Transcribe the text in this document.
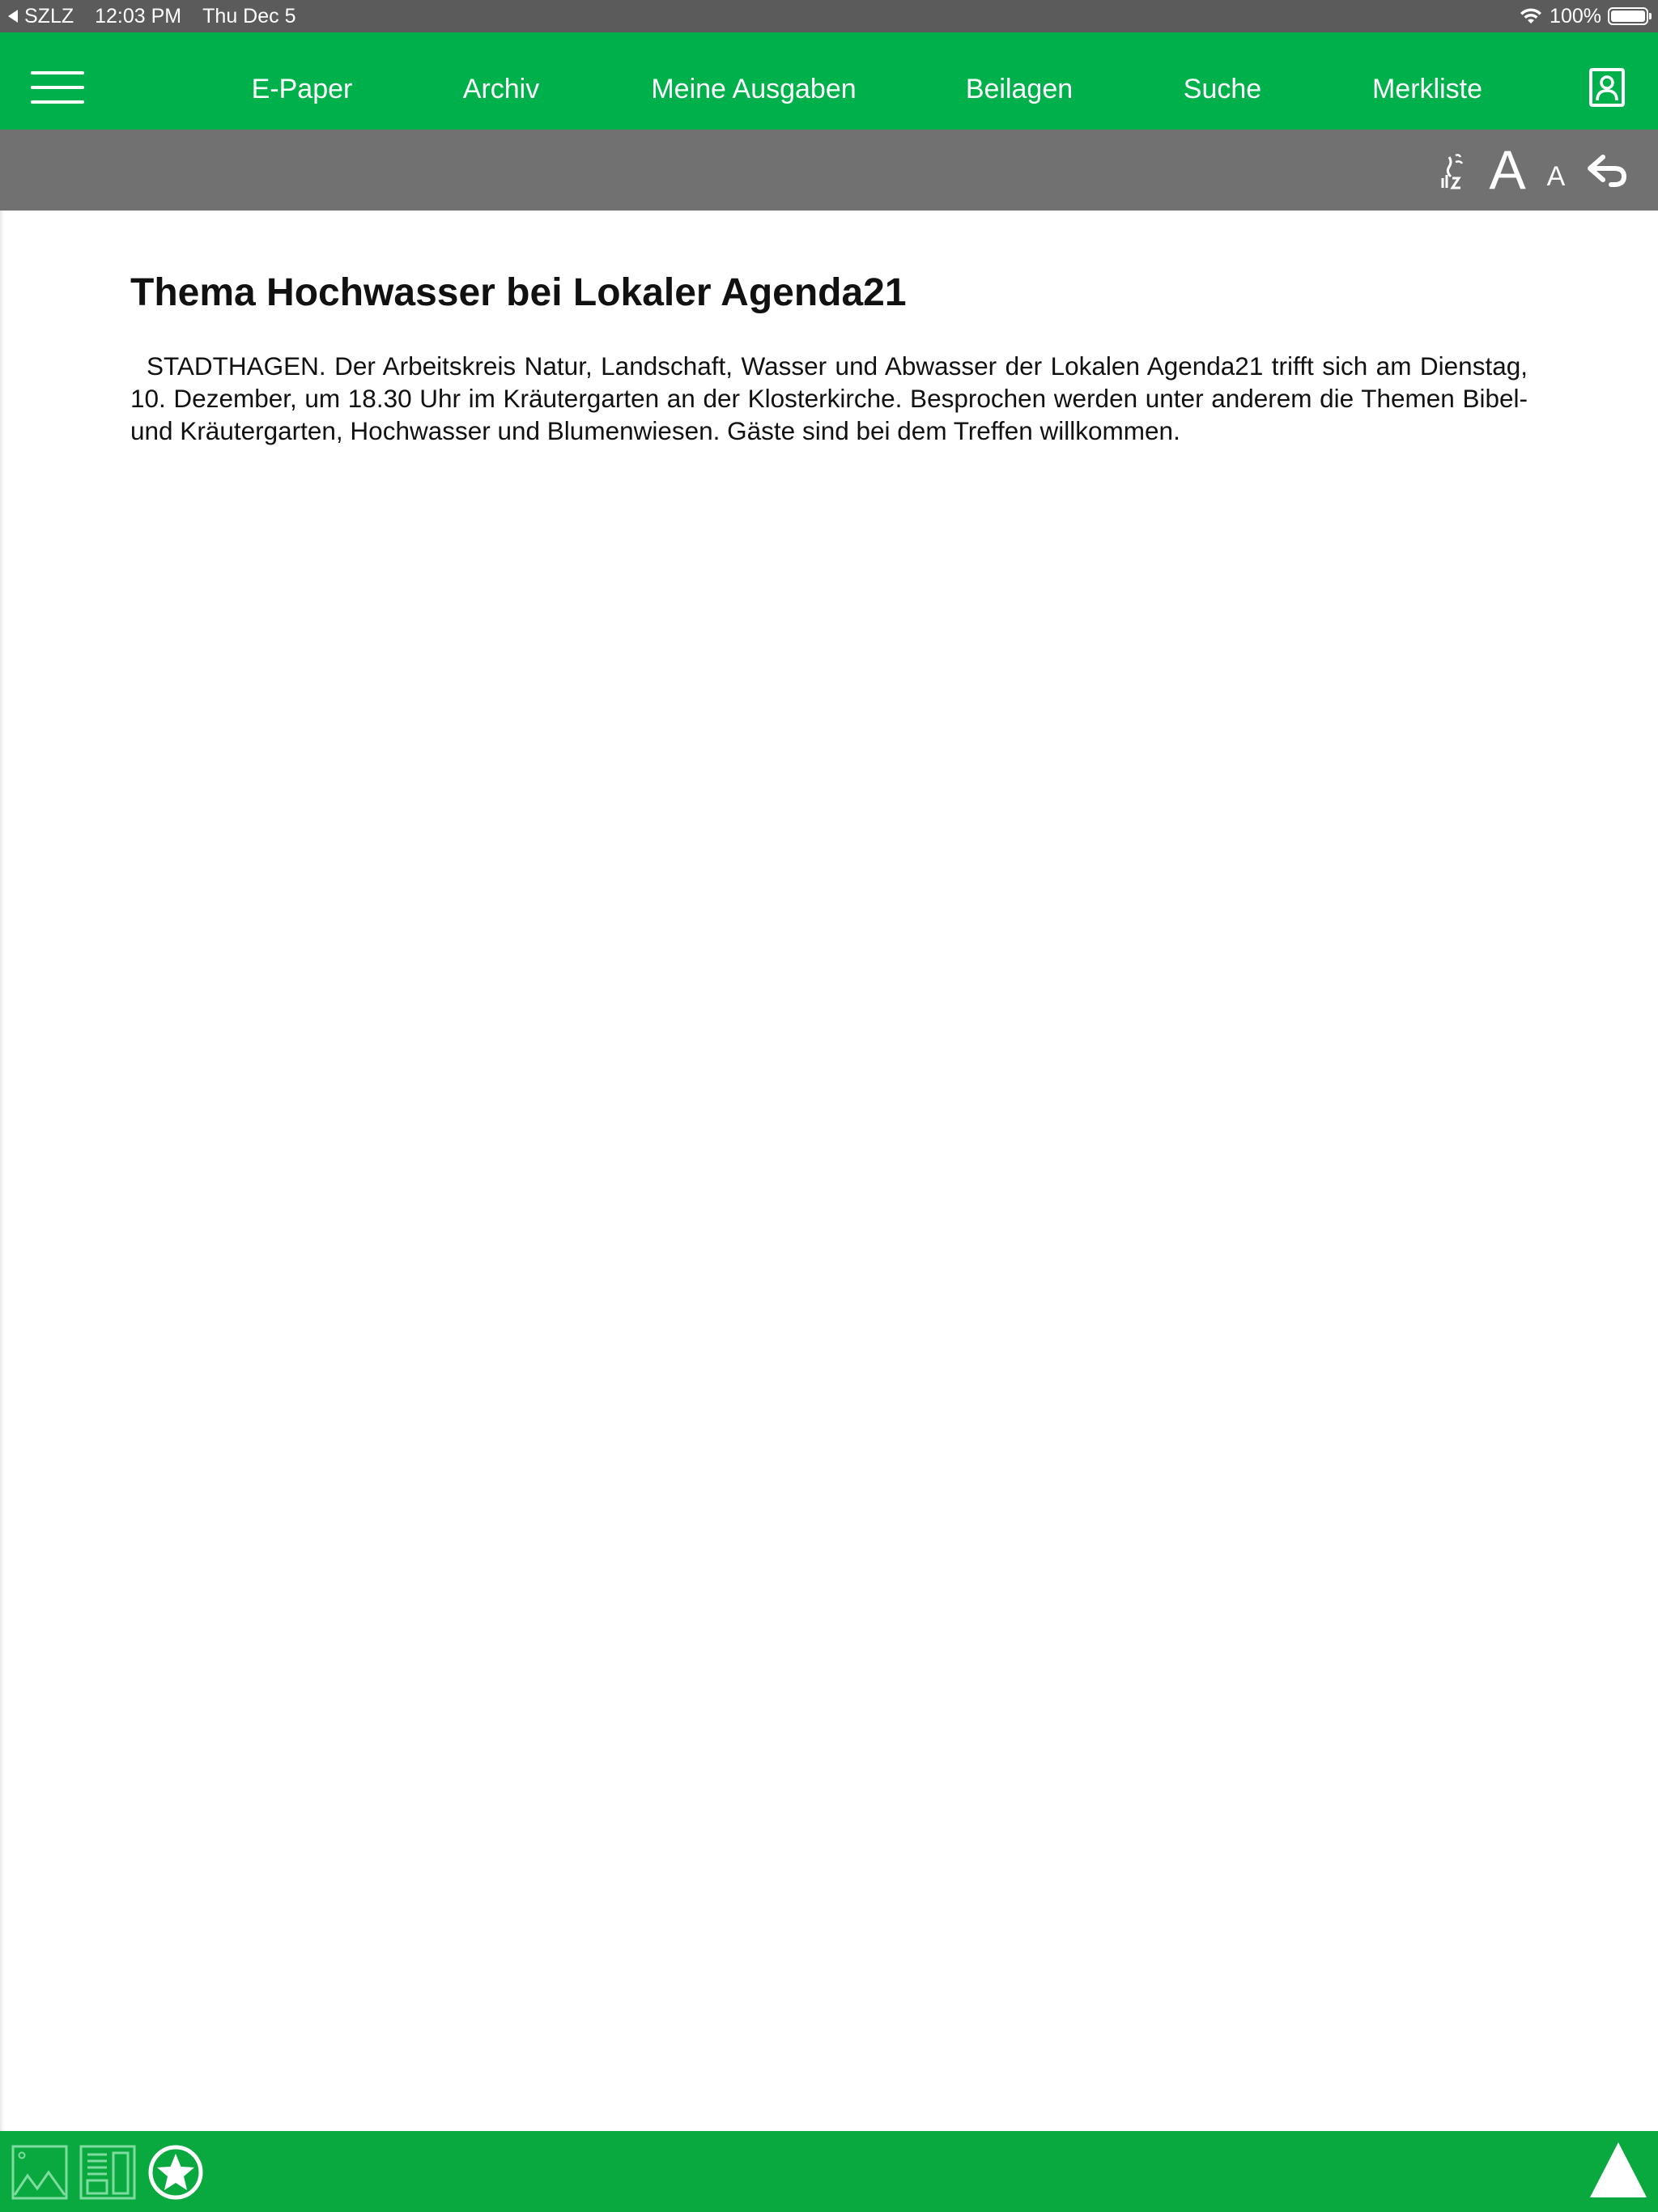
SZLZ 12:03 PM Thu Dec 5	100%
E-Paper	Archiv	Meine Ausgaben	Beilagen	Suche	Merkliste
A A
Thema Hochwasser bei Lokaler Agenda21

STADTHAGEN. Der Arbeitskreis Natur, Landschaft, Wasser und Abwasser der Lokalen Agenda21 trifft sich am Dienstag, 10. Dezember, um 18.30 Uhr im Kräutergarten an der Klosterkirche. Besprochen werden unter anderem die Themen Bibel- und Kräutergarten, Hochwasser und Blumenwiesen. Gäste sind bei dem Treffen willkommen.
